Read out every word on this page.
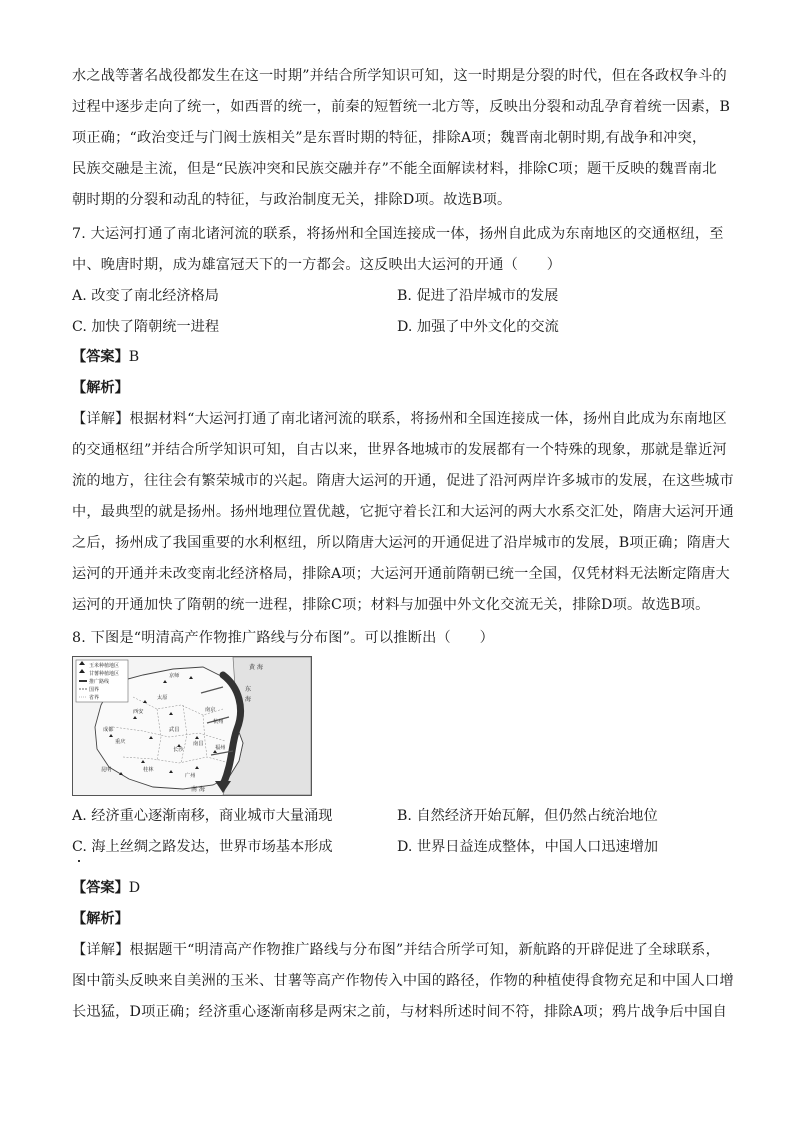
水之战等著名战役都发生在这一时期”并结合所学知识可知，这一时期是分裂的时代，但在各政权争斗的
过程中逐步走向了统一，如西晋的统一，前秦的短暂统一北方等，反映出分裂和动乱孕育着统一因素，B
项正确；“政治变迁与门阀士族相关”是东晋时期的特征，排除A项；魏晋南北朝时期,有战争和冲突，
民族交融是主流，但是“民族冲突和民族交融并存”不能全面解读材料，排除C项；题干反映的魏晋南北
朝时期的分裂和动乱的特征，与政治制度无关，排除D项。故选B项。
7. 大运河打通了南北诸河流的联系，将扬州和全国连接成一体，扬州自此成为东南地区的交通枢纽，至
中、晚唐时期，成为雄富冠天下的一方都会。这反映出大运河的开通（　　）
A. 改变了南北经济格局	B. 促进了沿岸城市的发展
C. 加快了隋朝统一进程	D. 加强了中外文化的交流
【答案】B
【解析】
【详解】根据材料“大运河打通了南北诸河流的联系，将扬州和全国连接成一体，扬州自此成为东南地区
的交通枢纽”并结合所学知识可知，自古以来，世界各地城市的发展都有一个特殊的现象，那就是靠近河
流的地方，往往会有繁荣城市的兴起。隋唐大运河的开通，促进了沿河两岸许多城市的发展，在这些城市
中，最典型的就是扬州。扬州地理位置优越，它扼守着长江和大运河的两大水系交汇处，隋唐大运河开通
之后，扬州成了我国重要的水利枢纽，所以隋唐大运河的开通促进了沿岸城市的发展，B项正确；隋唐大
运河的开通并未改变南北经济格局，排除A项；大运河开通前隋朝已统一全国，仅凭材料无法断定隋唐大
运河的开通加快了隋朝的统一进程，排除C项；材料与加强中外文化交流无关，排除D项。故选B项。
8. 下图是“明清高产作物推广路线与分布图”。可以推断出（　　）
玉米种植地区
甘薯种植地区
推广路线
国界
省界
京师
西安
太原
成都
重庆
武昌
南京
杭州
福州
广州
桂林
昆明
长沙
南昌
东
海
南 海
黄 海
A. 经济重心逐渐南移，商业城市大量涌现	B. 自然经济开始瓦解，但仍然占统治地位
C. 海上丝绸之路发达，世界市场基本形成	D. 世界日益连成整体，中国人口迅速增加
【答案】D
【解析】
【详解】根据题干“明清高产作物推广路线与分布图”并结合所学可知，新航路的开辟促进了全球联系，
图中箭头反映来自美洲的玉米、甘薯等高产作物传入中国的路径，作物的种植使得食物充足和中国人口增
长迅猛，D项正确；经济重心逐渐南移是两宋之前，与材料所述时间不符，排除A项；鸦片战争后中国自
